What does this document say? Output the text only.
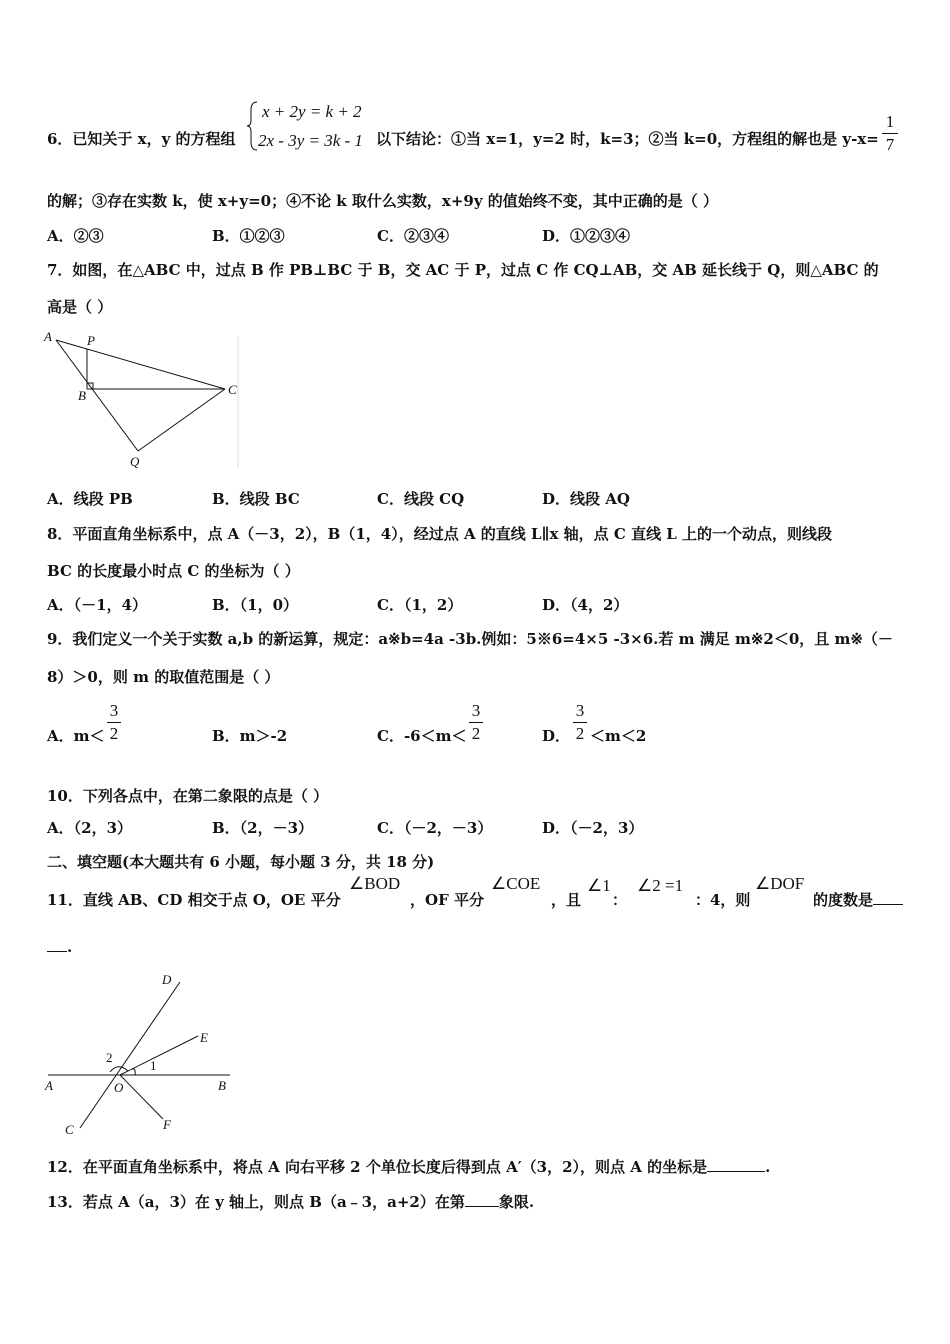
6．已知关于 x，y 的方程组
x + 2y = k + 2
2x - 3y = 3k - 1 以下结论：①当 x=1，y=2 时，k=3；②当 k=0，方程组的解也是 y-x=
1
7
的解；③存在实数 k，使 x+y=0；④不论 k 取什么实数，x+9y 的值始终不变，其中正确的是（ ）
A．②③	B．①②③	C．②③④	D．①②③④
7．如图，在△ABC 中，过点 B 作 PB⊥BC 于 B，交 AC 于 P，过点 C 作 CQ⊥AB，交 AB 延长线于 Q，则△ABC 的
高是（ ）
A	P
B	C
Q
A．线段 PB	B．线段 BC	C．线段 CQ	D．线段 AQ
8．平面直角坐标系中，点 A（－3，2），B（1，4），经过点 A 的直线 L∥x 轴，点 C 直线 L 上的一个动点，则线段
BC 的长度最小时点 C 的坐标为（ ）
A．（－1，4）	B．（1，0）	C．（1，2）	D．（4，2）
9．我们定义一个关于实数 a,b 的新运算，规定：a※b=4a -3b.例如：5※6=4×5 -3×6.若 m 满足 m※2＜0，且 m※（－
8）＞0，则 m 的取值范围是（ ）
A．m＜
3
2	B．m＞-2	C．-6＜m＜
3
2	D．
3
2 ＜m＜2
10．下列各点中，在第二象限的点是（ ）
A．（2，3）	B．（2，－3）	C．（－2，－3）	D．（－2，3）
二、填空题(本大题共有 6 小题，每小题 3 分，共 18 分)
11．直线 AB、CD 相交于点 O，OE 平分
∠BOD
，OF 平分
∠COE
，且
∠1
：
∠2 =1
：4，则
∠DOF
的度数是
.
D
E
2
1
A	O	B
C	F
12．在平面直角坐标系中，将点 A 向右平移 2 个单位长度后得到点 A′（3，2），则点 A 的坐标是	.
13．若点 A（a，3）在 y 轴上，则点 B（a﹣3，a+2）在第 象限.
